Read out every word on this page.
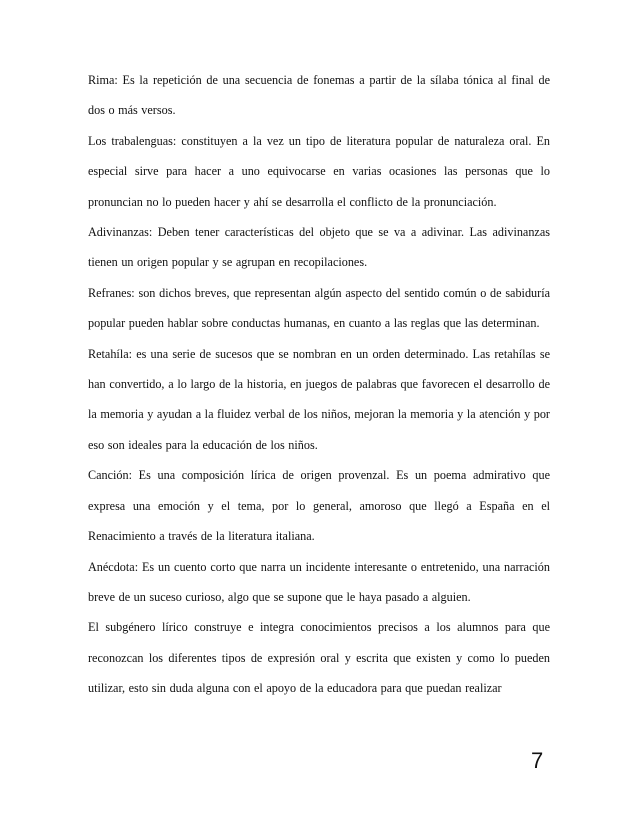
Rima: Es la repetición de una secuencia de fonemas a partir de la sílaba tónica al final de dos o más versos.

Los trabalenguas: constituyen a la vez un tipo de literatura popular de naturaleza oral. En especial sirve para hacer a uno equivocarse en varias ocasiones las personas que lo pronuncian no lo pueden hacer y ahí se desarrolla el conflicto de la pronunciación.

Adivinanzas: Deben tener características del objeto que se va a adivinar. Las adivinanzas tienen un origen popular y se agrupan en recopilaciones.

Refranes: son dichos breves, que representan algún aspecto del sentido común o de sabiduría popular pueden hablar sobre conductas humanas, en cuanto a las reglas que las determinan.

Retahíla: es una serie de sucesos que se nombran en un orden determinado. Las retahílas se han convertido, a lo largo de la historia, en juegos de palabras que favorecen el desarrollo de la memoria y ayudan a la fluidez verbal de los niños, mejoran la memoria y la atención y por eso son ideales para la educación de los niños.

Canción: Es una composición lírica de origen provenzal. Es un poema admirativo que expresa una emoción y el tema, por lo general, amoroso que llegó a España en el Renacimiento a través de la literatura italiana.

Anécdota: Es un cuento corto que narra un incidente interesante o entretenido, una narración breve de un suceso curioso, algo que se supone que le haya pasado a alguien.

El subgénero lírico construye e integra conocimientos precisos a los alumnos para que reconozcan los diferentes tipos de expresión oral y escrita que existen y como lo pueden utilizar, esto sin duda alguna con el apoyo de la educadora para que puedan realizar

7
